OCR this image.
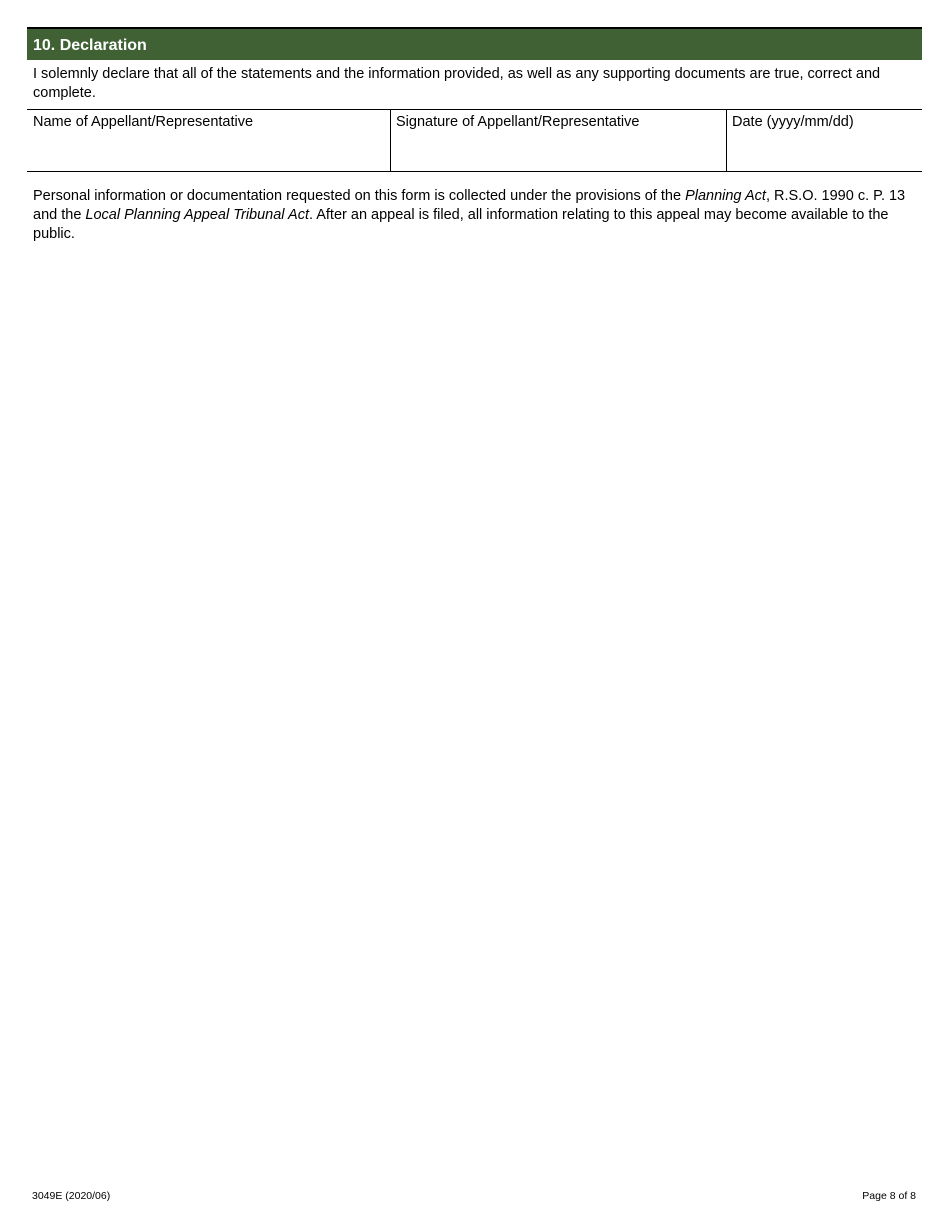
10. Declaration
I solemnly declare that all of the statements and the information provided, as well as any supporting documents are true, correct and complete.
Name of Appellant/Representative	Signature of Appellant/Representative	Date (yyyy/mm/dd)
Personal information or documentation requested on this form is collected under the provisions of the Planning Act, R.S.O. 1990 c. P. 13 and the Local Planning Appeal Tribunal Act. After an appeal is filed, all information relating to this appeal may become available to the public.
3049E (2020/06)	Page 8 of 8
